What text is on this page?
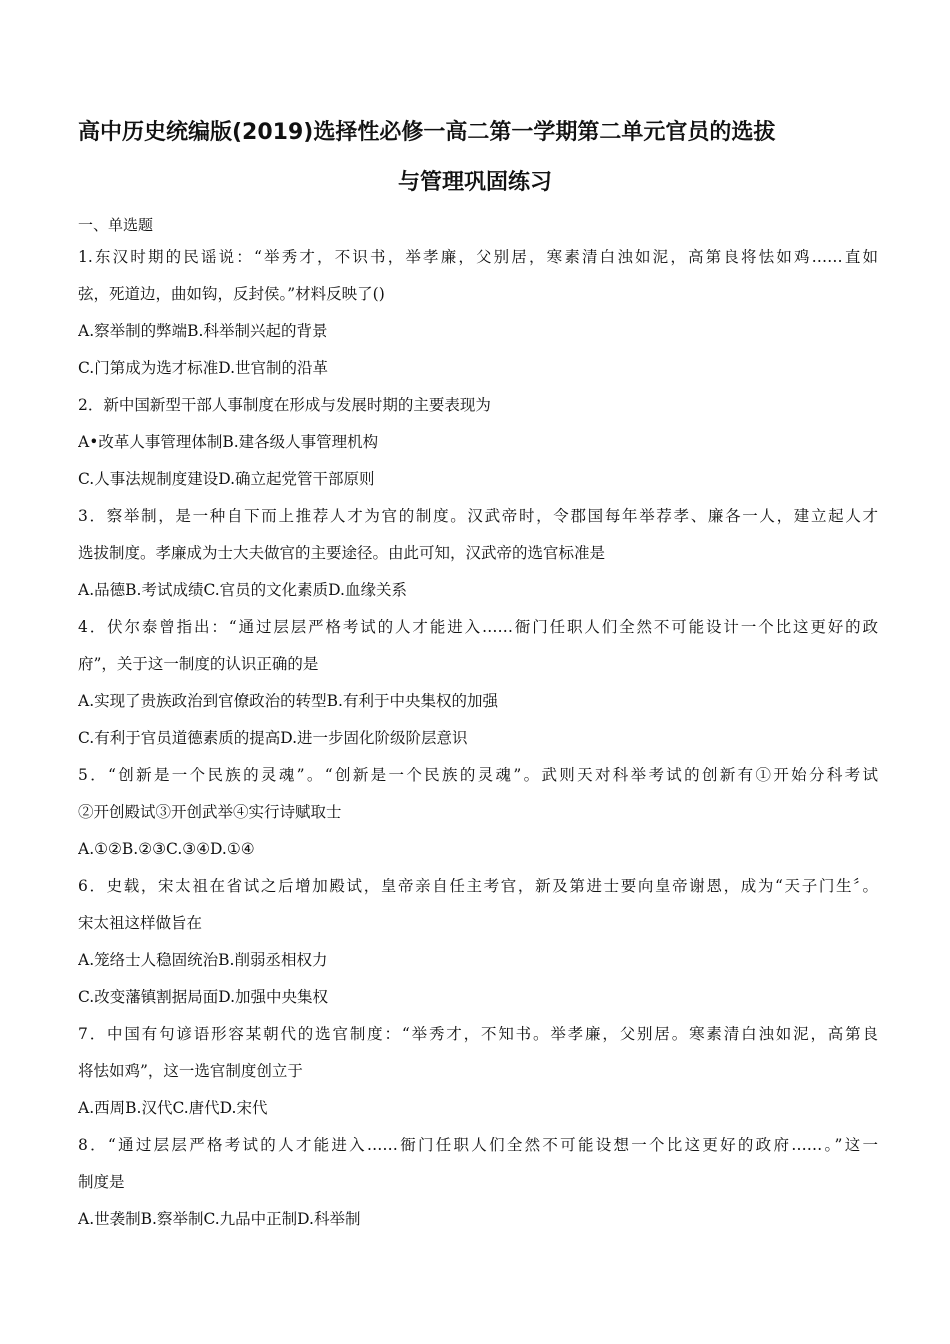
高中历史统编版(2019)选择性必修一高二第一学期第二单元官员的选拔
与管理巩固练习
一、单选题
1.东汉时期的民谣说：“举秀才，不识书，举孝廉，父别居，寒素清白浊如泥，高第良将怯如鸡……直如
弦，死道边，曲如钩，反封侯。”材料反映了()
A.察举制的弊端B.科举制兴起的背景
C.门第成为选才标准D.世官制的沿革
2．新中国新型干部人事制度在形成与发展时期的主要表现为
A•改革人事管理体制B.建各级人事管理机构
C.人事法规制度建设D.确立起党管干部原则
3．察举制，是一种自下而上推荐人才为官的制度。汉武帝时，令郡国每年举荐孝、廉各一人，建立起人才
选拔制度。孝廉成为士大夫做官的主要途径。由此可知，汉武帝的选官标准是
A.品德B.考试成绩C.官员的文化素质D.血缘关系
4．伏尔泰曾指出：“通过层层严格考试的人才能进入……衙门任职人们全然不可能设计一个比这更好的政
府”，关于这一制度的认识正确的是
A.实现了贵族政治到官僚政治的转型B.有利于中央集权的加强
C.有利于官员道德素质的提高D.进一步固化阶级阶层意识
5．“创新是一个民族的灵魂”。“创新是一个民族的灵魂”。武则天对科举考试的创新有①开始分科考试
②开创殿试③开创武举④实行诗赋取士
A.①②B.②③C.③④D.①④
6．史载，宋太祖在省试之后增加殿试，皇帝亲自任主考官，新及第进士要向皇帝谢恩，成为“天子门生〞。
宋太祖这样做旨在
A.笼络士人稳固统治B.削弱丞相权力
C.改变藩镇割据局面D.加强中央集权
7．中国有句谚语形容某朝代的选官制度：“举秀才，不知书。举孝廉，父别居。寒素清白浊如泥，高第良
将怯如鸡”，这一选官制度创立于
A.西周B.汉代C.唐代D.宋代
8．“通过层层严格考试的人才能进入……衙门任职人们全然不可能设想一个比这更好的政府……。”这一
制度是
A.世袭制B.察举制C.九品中正制D.科举制
